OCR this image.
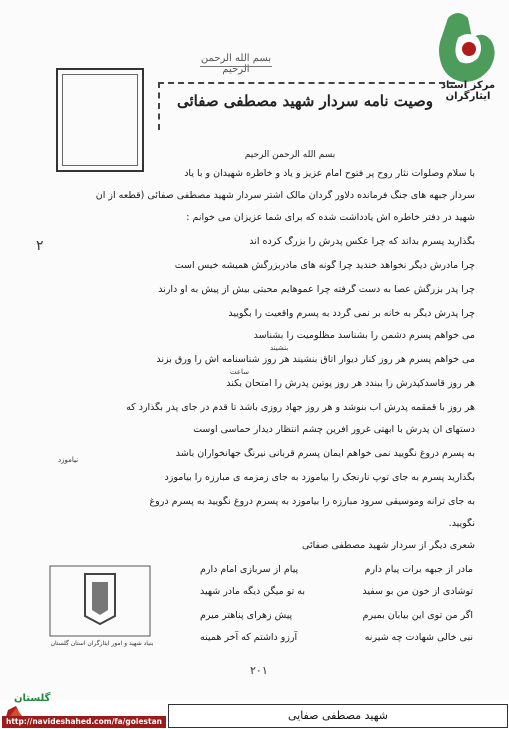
مرکز اسناد ایثارگران
بسم الله الرحمن الرحیم
وصیت نامه سردار شهید مصطفی صفائی
بسم الله الرحمن الرحیم
۲
بنشیند
ساعت
نیاموزد
با سلام وصلوات نثار روح پر فتوح امام عزیز و یاد و خاطره شهیدان و با یاد
سردار جبهه های جنگ فرمانده دلاور گردان مالک اشتر سردار شهید مصطفی صفائی (قطعه از آن
شهید در دفتر خاطره اش یادداشت شده که برای شما عزیزان می خوانم :
بگذارید پسرم بداند که چرا عکس پدرش را بزرگ کرده اند
چرا مادرش دیگر نخواهد خندید چرا گونه های مادربزرگش همیشه خیس است
چرا پدر بزرگش عصا به دست گرفته چرا عموهایم محبتی بیش از پیش به او دارند
چرا پدرش دیگر به خانه بر نمی گردد به پسرم واقعیت را بگویید
می خواهم پسرم دشمن را بشناسد مظلومیت را بشناسد
می خواهم پسرم هر روز کنار دیوار اتاق بنشیند هر روز شناسنامه اش را ورق بزند
هر روز قاسدکپدرش را ببندد هر روز پوتین پدرش را امتحان بکند
هر روز با قمقمه پدرش آب بنوشد و هر روز جهاد روزی باشد تا قدم در جای پدر بگذارد که
دستهای آن پدرش با ابهتی غرور آفرین چشم انتظار دیدار حماسی اوست
به پسرم دروغ نگویید نمی خواهم ایمان پسرم قربانی نیرنگ جهانخواران باشد
بگذارید پسرم به جای توپ نارنجک را بیاموزد به جای زمزمه ی مبارزه را بیاموزد
به جای ترانه وموسیقی سرود مبارزه را بیاموزد به پسرم دروغ نگویید به پسرم دروغ
نگویید.
شعری دیگر از سردار شهید مصطفی صفائی
مادر از جبهه برات پیام دارم
پیام از سربازی امام دارم
توشادی از خون من بو سفید
به تو میگن دیگه مادر شهید
اگر من توی این بیابان بمیرم
پیش زهرای پناهتر میرم
نبی خالی شهادت چه شیرنه
آرزو داشتم که آخر همینه
بنیاد شهید و امور ایثارگران استان گلستان
۲۰۱
گلستان
http://navideshahed.com/fa/golestan	شهید مصطفی صفایی
